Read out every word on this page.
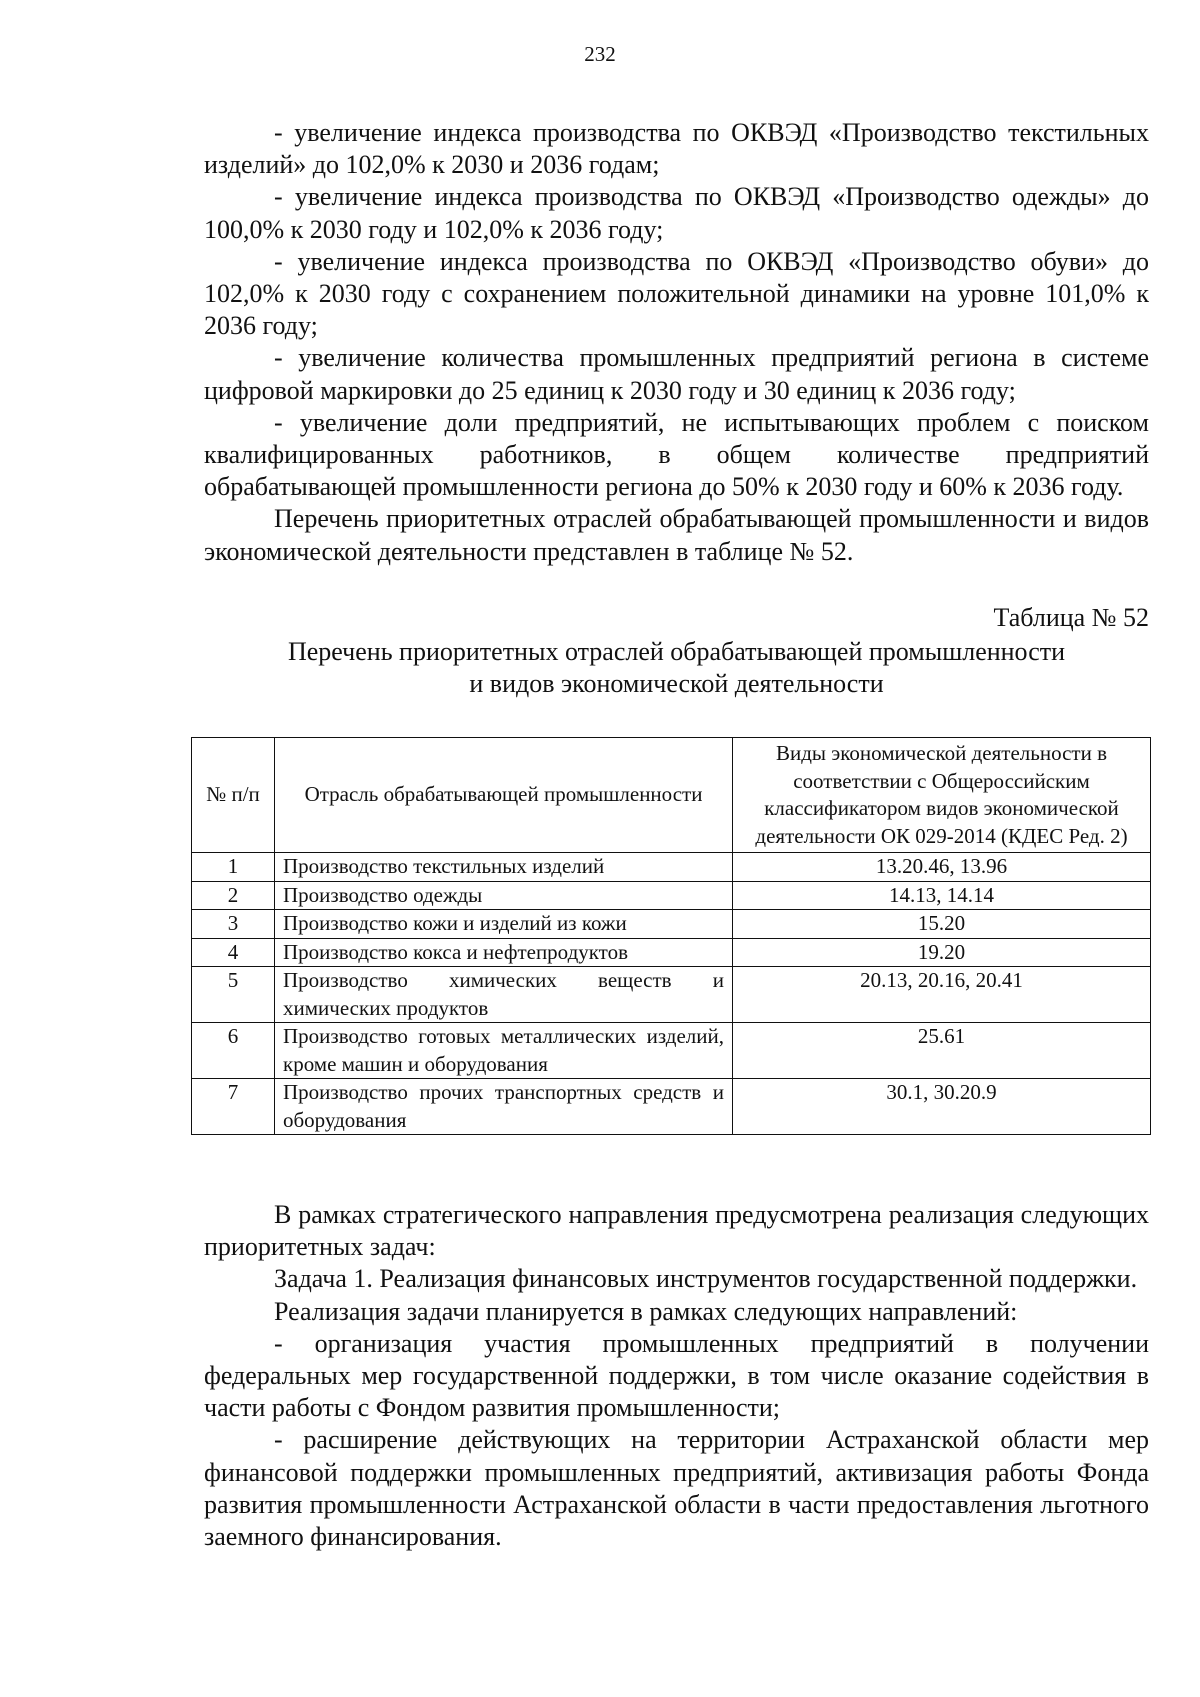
232

- увеличение индекса производства по ОКВЭД «Производство текстильных изделий» до 102,0% к 2030 и 2036 годам;

- увеличение индекса производства по ОКВЭД «Производство одежды» до 100,0% к 2030 году и 102,0% к 2036 году;

- увеличение индекса производства по ОКВЭД «Производство обуви» до 102,0% к 2030 году с сохранением положительной динамики на уровне 101,0% к 2036 году;

- увеличение количества промышленных предприятий региона в системе цифровой маркировки до 25 единиц к 2030 году и 30 единиц к 2036 году;

- увеличение доли предприятий, не испытывающих проблем с поиском квалифицированных работников, в общем количестве предприятий обрабатывающей промышленности региона до 50% к 2030 году и 60% к 2036 году.

Перечень приоритетных отраслей обрабатывающей промышленности и видов экономической деятельности представлен в таблице № 52.

Таблица № 52
Перечень приоритетных отраслей обрабатывающей промышленности
и видов экономической деятельности
№ п/п	Отрасль обрабатывающей промышленности	Виды экономической деятельности в соответствии с Общероссийским классификатором видов экономической деятельности ОК 029-2014 (КДЕС Ред. 2)
1	Производство текстильных изделий	13.20.46, 13.96
2	Производство одежды	14.13, 14.14
3	Производство кожи и изделий из кожи	15.20
4	Производство кокса и нефтепродуктов	19.20
5	Производство химических веществ и химических продуктов	20.13, 20.16, 20.41
6	Производство готовых металлических изделий, кроме машин и оборудования	25.61
7	Производство прочих транспортных средств и оборудования	30.1, 30.20.9

В рамках стратегического направления предусмотрена реализация следующих приоритетных задач:

Задача 1. Реализация финансовых инструментов государственной поддержки.

Реализация задачи планируется в рамках следующих направлений:

- организация участия промышленных предприятий в получении федеральных мер государственной поддержки, в том числе оказание содействия в части работы с Фондом развития промышленности;

- расширение действующих на территории Астраханской области мер финансовой поддержки промышленных предприятий, активизация работы Фонда развития промышленности Астраханской области в части предоставления льготного заемного финансирования.
